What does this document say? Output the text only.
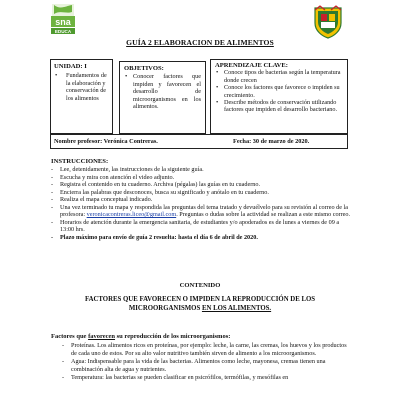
sna
EDUCA
GUÍA 2 ELABORACION DE ALIMENTOS
UNIDAD: I
• Fundamentos de la elaboración y conservación de los alimentos
OBJETIVOS:
• Conocer factores que impiden y favorecen el desarrollo de microorganismos en los alimentos.
APRENDIZAJE CLAVE:
• Conoce tipos de bacterias según la temperatura donde crecen
• Conoce los factores que favorece o impiden su crecimiento.
• Describe métodos de conservación utilizando factores que impiden el desarrollo bacteriano.
Nombre profesor: Verónica Contreras.	Fecha: 30 de marzo de 2020.
INSTRUCCIONES:
- Lee, detenidamente, las instrucciones de la siguiente guía.
- Escucha y mira con atención el video adjunto.
- Registra el contenido en tu cuaderno. Archiva (pégalas) las guías en tu cuaderno.
- Encierra las palabras que desconoces, busca su significado y anótalo en tu cuaderno.
- Realiza el mapa conceptual indicado.
- Una vez terminado tu mapa y respondida las preguntas del tema tratado y devuélvelo para su revisión al correo de la profesora: veronicacontreras.liceo@gmail.com. Preguntas o dudas sobre la actividad se realizan a este mismo correo.
- Horarios de atención durante la emergencia sanitaria, de estudiantes y/o apoderados es de lunes a viernes de 09 a 13:00 hrs.
- Plazo máximo para envío de guía 2 resuelta: hasta el día 6 de abril de 2020.
CONTENIDO
FACTORES QUE FAVORECEN O IMPIDEN LA REPRODUCCIÓN DE LOS MICROORGANISMOS EN LOS ALIMENTOS.
Factores que favorecen su reproducción de los microorganismos:
- Proteínas. Los alimentos ricos en proteínas, por ejemplo: leche, la carne, las cremas, los huevos y los productos de cada uno de estos. Por su alto valor nutritivo también sirven de alimento a los microorganismos.
- Agua: Indispensable para la vida de las bacterias. Alimentos como leche, mayonesa, cremas tienen una combinación alta de agua y nutrientes.
- Temperatura: las bacterias se pueden clasificar en psicrófilos, termófilas, y mesófilas en
